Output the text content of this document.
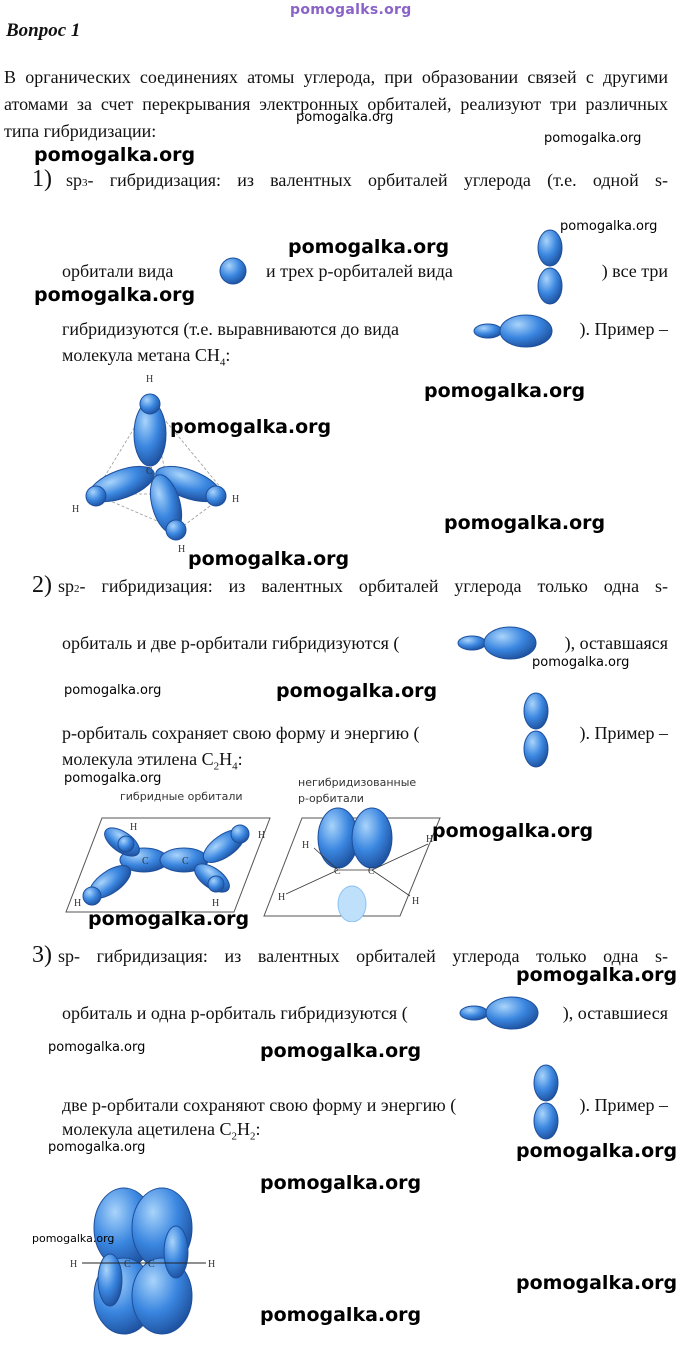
pomogalks.org
Вопрос 1
В органических соединениях атомы углерода, при образовании связей с другими атомами за счет перекрывания электронных орбиталей, реализуют три различных типа гибридизации:
1) sp 3 - гибридизация: из валентных орбиталей углерода (т.е. одной s-
орбитали вида	и трех р-орбиталей вида	) все три
гибридизуются (т.е. выравниваются до вида	). Пример –
молекула метана $СН_4$:
H
C
H
H
H
2) sp 2 - гибридизация: из валентных орбиталей углерода только одна s-
орбиталь и две р-орбитали гибридизуются (	), оставшаяся
р-орбиталь сохраняет свою форму и энергию (	). Пример –
молекула этилена $С_2Н_4$:
гибридные орбитали
негибридизованные
р-орбитали
H
H
H	H
C	C
H
H
H
H
C	C
3) sp- гибридизация: из валентных орбиталей углерода только одна s-
орбиталь и одна р-орбиталь гибридизуются (	), оставшиеся
две р-орбитали сохраняют свою форму и энергию (	). Пример –
молекула ацетилена $С_2Н_2$:
H	H
C C
pomogalka.org
pomogalka.org
pomogalka.org
pomogalka.org
pomogalka.org
pomogalka.org
pomogalka.org
pomogalka.org
pomogalka.org
pomogalka.org
pomogalka.org
pomogalka.org	pomogalka.org
pomogalka.org
pomogalka.org
pomogalka.org
pomogalka.org
pomogalka.org	pomogalka.org
pomogalka.org	pomogalka.org
pomogalka.org
pomogalka.org
pomogalka.org
pomogalka.org
